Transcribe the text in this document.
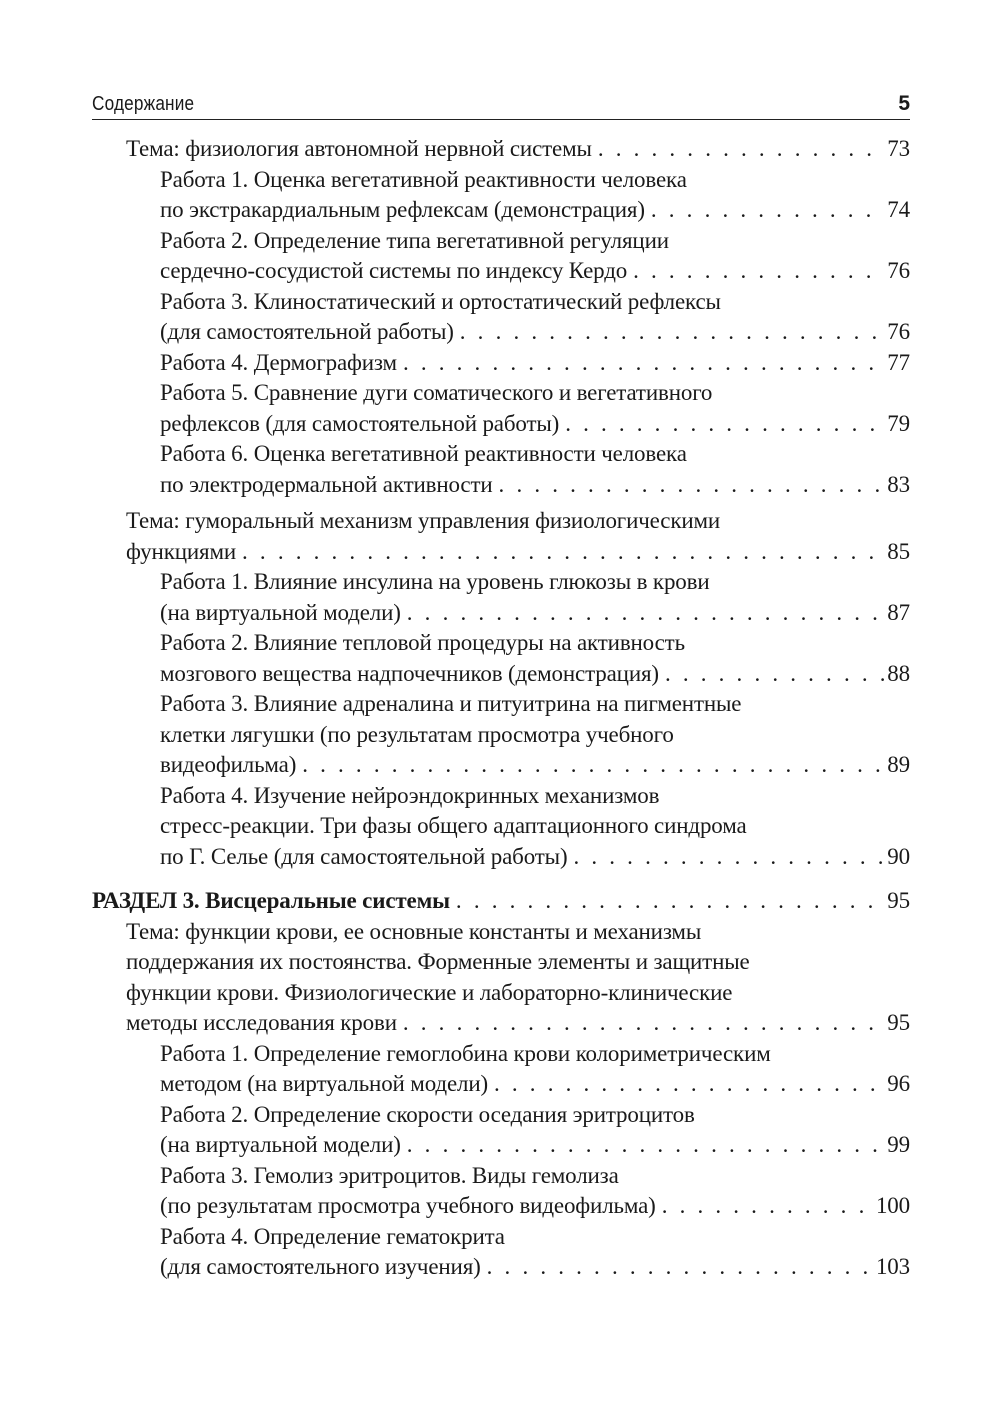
Содержание	5
Тема: физиология автономной нервной системы . . .	73
Работа 1. Оценка вегетативной реактивности человека
по экстракардиальным рефлексам (демонстрация) . . .	74
Работа 2. Определение типа вегетативной регуляции
сердечно-сосудистой системы по индексу Кердо . . .	76
Работа 3. Клиностатический и ортостатический рефлексы
(для самостоятельной работы) . . .	76
Работа 4. Дермографизм . . .	77
Работа 5. Сравнение дуги соматического и вегетативного
рефлексов (для самостоятельной работы) . . .	79
Работа 6. Оценка вегетативной реактивности человека
по электродермальной активности . . .	83
Тема: гуморальный механизм управления физиологическими
функциями . . .	85
Работа 1. Влияние инсулина на уровень глюкозы в крови
(на виртуальной модели) . . .	87
Работа 2. Влияние тепловой процедуры на активность
мозгового вещества надпочечников (демонстрация) . . .	88
Работа 3. Влияние адреналина и питуитрина на пигментные
клетки лягушки (по результатам просмотра учебного
видеофильма) . . .	89
Работа 4. Изучение нейроэндокринных механизмов
стресс-реакции. Три фазы общего адаптационного синдрома
по Г. Селье (для самостоятельной работы) . . .	90
РАЗДЕЛ 3. Висцеральные системы . . .	95
Тема: функции крови, ее основные константы и механизмы
поддержания их постоянства. Форменные элементы и защитные
функции крови. Физиологические и лабораторно-клинические
методы исследования крови . . .	95
Работа 1. Определение гемоглобина крови колориметрическим
методом (на виртуальной модели) . . .	96
Работа 2. Определение скорости оседания эритроцитов
(на виртуальной модели) . . .	99
Работа 3. Гемолиз эритроцитов. Виды гемолиза
(по результатам просмотра учебного видеофильма) . . .	100
Работа 4. Определение гематокрита
(для самостоятельного изучения) . . .	103
